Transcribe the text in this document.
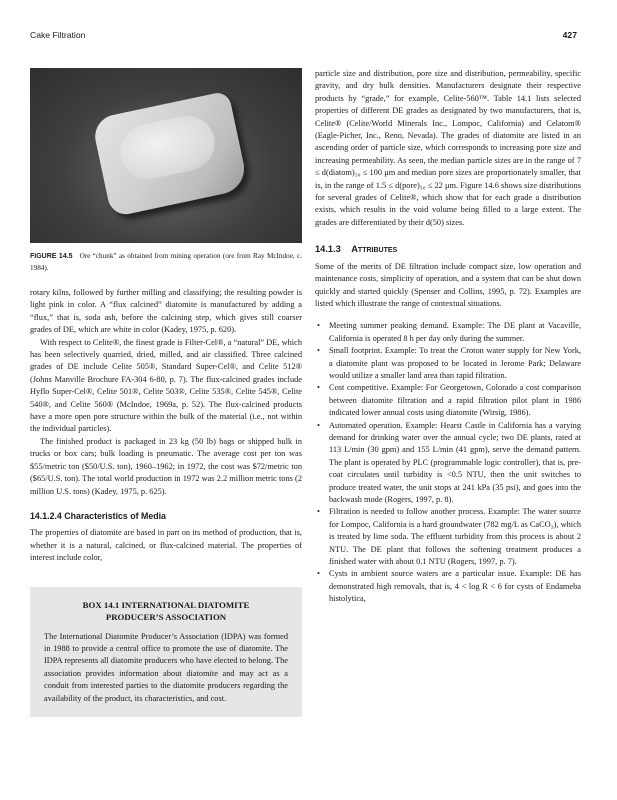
Cake Filtration	427
FIGURE 14.5 Ore “chunk” as obtained from mining operation (ore from Ray McIndoe, c. 1984).

rotary kilns, followed by further milling and classifying; the resulting powder is light pink in color. A “flux calcined” diatomite is manufactured by adding a “flux,” that is, soda ash, before the calcining step, which gives still coarser grades of DE, which are white in color (Kadey, 1975, p. 620).

With respect to Celite®, the finest grade is Filter-Cel®, a “natural” DE, which has been selectively quarried, dried, milled, and air classified. Three calcined grades of DE include Celite 505®, Standard Super-Cel®, and Celite 512® (Johns Manville Brochure FA-304 6-80, p. 7). The flux-calcined grades include Hyflo Super-Cel®, Celite 501®, Celite 503®, Celite 535®, Celite 545®, Celite 540®, and Celite 560® (McIndoe, 1969a, p. 52). The flux-calcined products have a more open pore structure within the bulk of the material (i.e., not within the individual particles).

The finished product is packaged in 23 kg (50 lb) bags or shipped bulk in trucks or box cars; bulk loading is pneumatic. The average cost per ton was $55/metric ton ($50/U.S. ton), 1960–1962; in 1972, the cost was $72/metric ton ($65/U.S. ton). The total world production in 1972 was 2.2 million metric tons (2 million U.S. tons) (Kadey, 1975, p. 625).

14.1.2.4 Characteristics of Media

The properties of diatomite are based in part on its method of production, that is, whether it is a natural, calcined, or flux-calcined material. The properties of interest include color,

BOX 14.1 INTERNATIONAL DIATOMITE
PRODUCER’S ASSOCIATION

The International Diatomite Producer’s Association (IDPA) was formed in 1988 to provide a central office to promote the use of diatomite. The IDPA represents all diatomite producers who have elected to belong. The association provides information about diatomite and may act as a conduit from interested parties to the diatomite producers regarding the availability of the product, its characteristics, and cost.

particle size and distribution, pore size and distribution, permeability, specific gravity, and dry bulk densities. Manufacturers designate their respective products by “grade,” for example, Celite-560™. Table 14.1 lists selected properties of different DE grades as designated by two manufacturers, that is, Celite® (Celite/World Minerals Inc., Lompoc, California) and Celatom® (Eagle-Picher, Inc., Reno, Nevada). The grades of diatomite are listed in an ascending order of particle size, which corresponds to increasing pore size and increasing permeability. As seen, the median particle sizes are in the range of 7 ≤ d(diatom)₅₀ ≤ 100 μm and median pore sizes are proportionately smaller, that is, in the range of 1.5 ≤ d(pore)₅₀ ≤ 22 μm. Figure 14.6 shows size distributions for several grades of Celite®, which show that for each grade a distribution exists, which results in the void volume being filled to a large extent. The grades are differentiated by their d(50) sizes.

14.1.3 Attributes

Some of the merits of DE filtration include compact size, low operation and maintenance costs, simplicity of operation, and a system that can be shut down quickly and started quickly (Spenser and Collins, 1995, p. 72). Examples are listed which illustrate the range of contextual situations.

• Meeting summer peaking demand. Example: The DE plant at Vacaville, California is operated 8 h per day only during the summer.
• Small footprint. Example: To treat the Croton water supply for New York, a diatomite plant was proposed to be located in Jerome Park; Delaware would utilize a smaller land area than rapid filtration.
• Cost competitive. Example: For Georgetown, Colorado a cost comparison between diatomite filtration and a rapid filtration pilot plant in 1986 indicated lower annual costs using diatomite (Wirsig, 1986).
• Automated operation. Example: Hearst Castle in California has a varying demand for drinking water over the annual cycle; two DE plants, rated at 113 L/min (30 gpm) and 155 L/min (41 gpm), serve the demand pattern. The plant is operated by PLC (programmable logic controller), that is, pre-coat circulates until turbidity is <0.5 NTU, then the unit switches to produce treated water, the unit stops at 241 kPa (35 psi), and goes into the backwash mode (Rogers, 1997, p. 8).
• Filtration is needed to follow another process. Example: The water source for Lompoc, California is a hard groundwater (782 mg/L as CaCO₃), which is treated by lime soda. The effluent turbidity from this process is about 2 NTU. The DE plant that follows the softening treatment produces a finished water with about 0.1 NTU (Rogers, 1997, p. 7).
• Cysts in ambient source waters are a particular issue. Example: DE has demonstrated high removals, that is, 4 < log R < 6 for cysts of Endameba histolytica,
